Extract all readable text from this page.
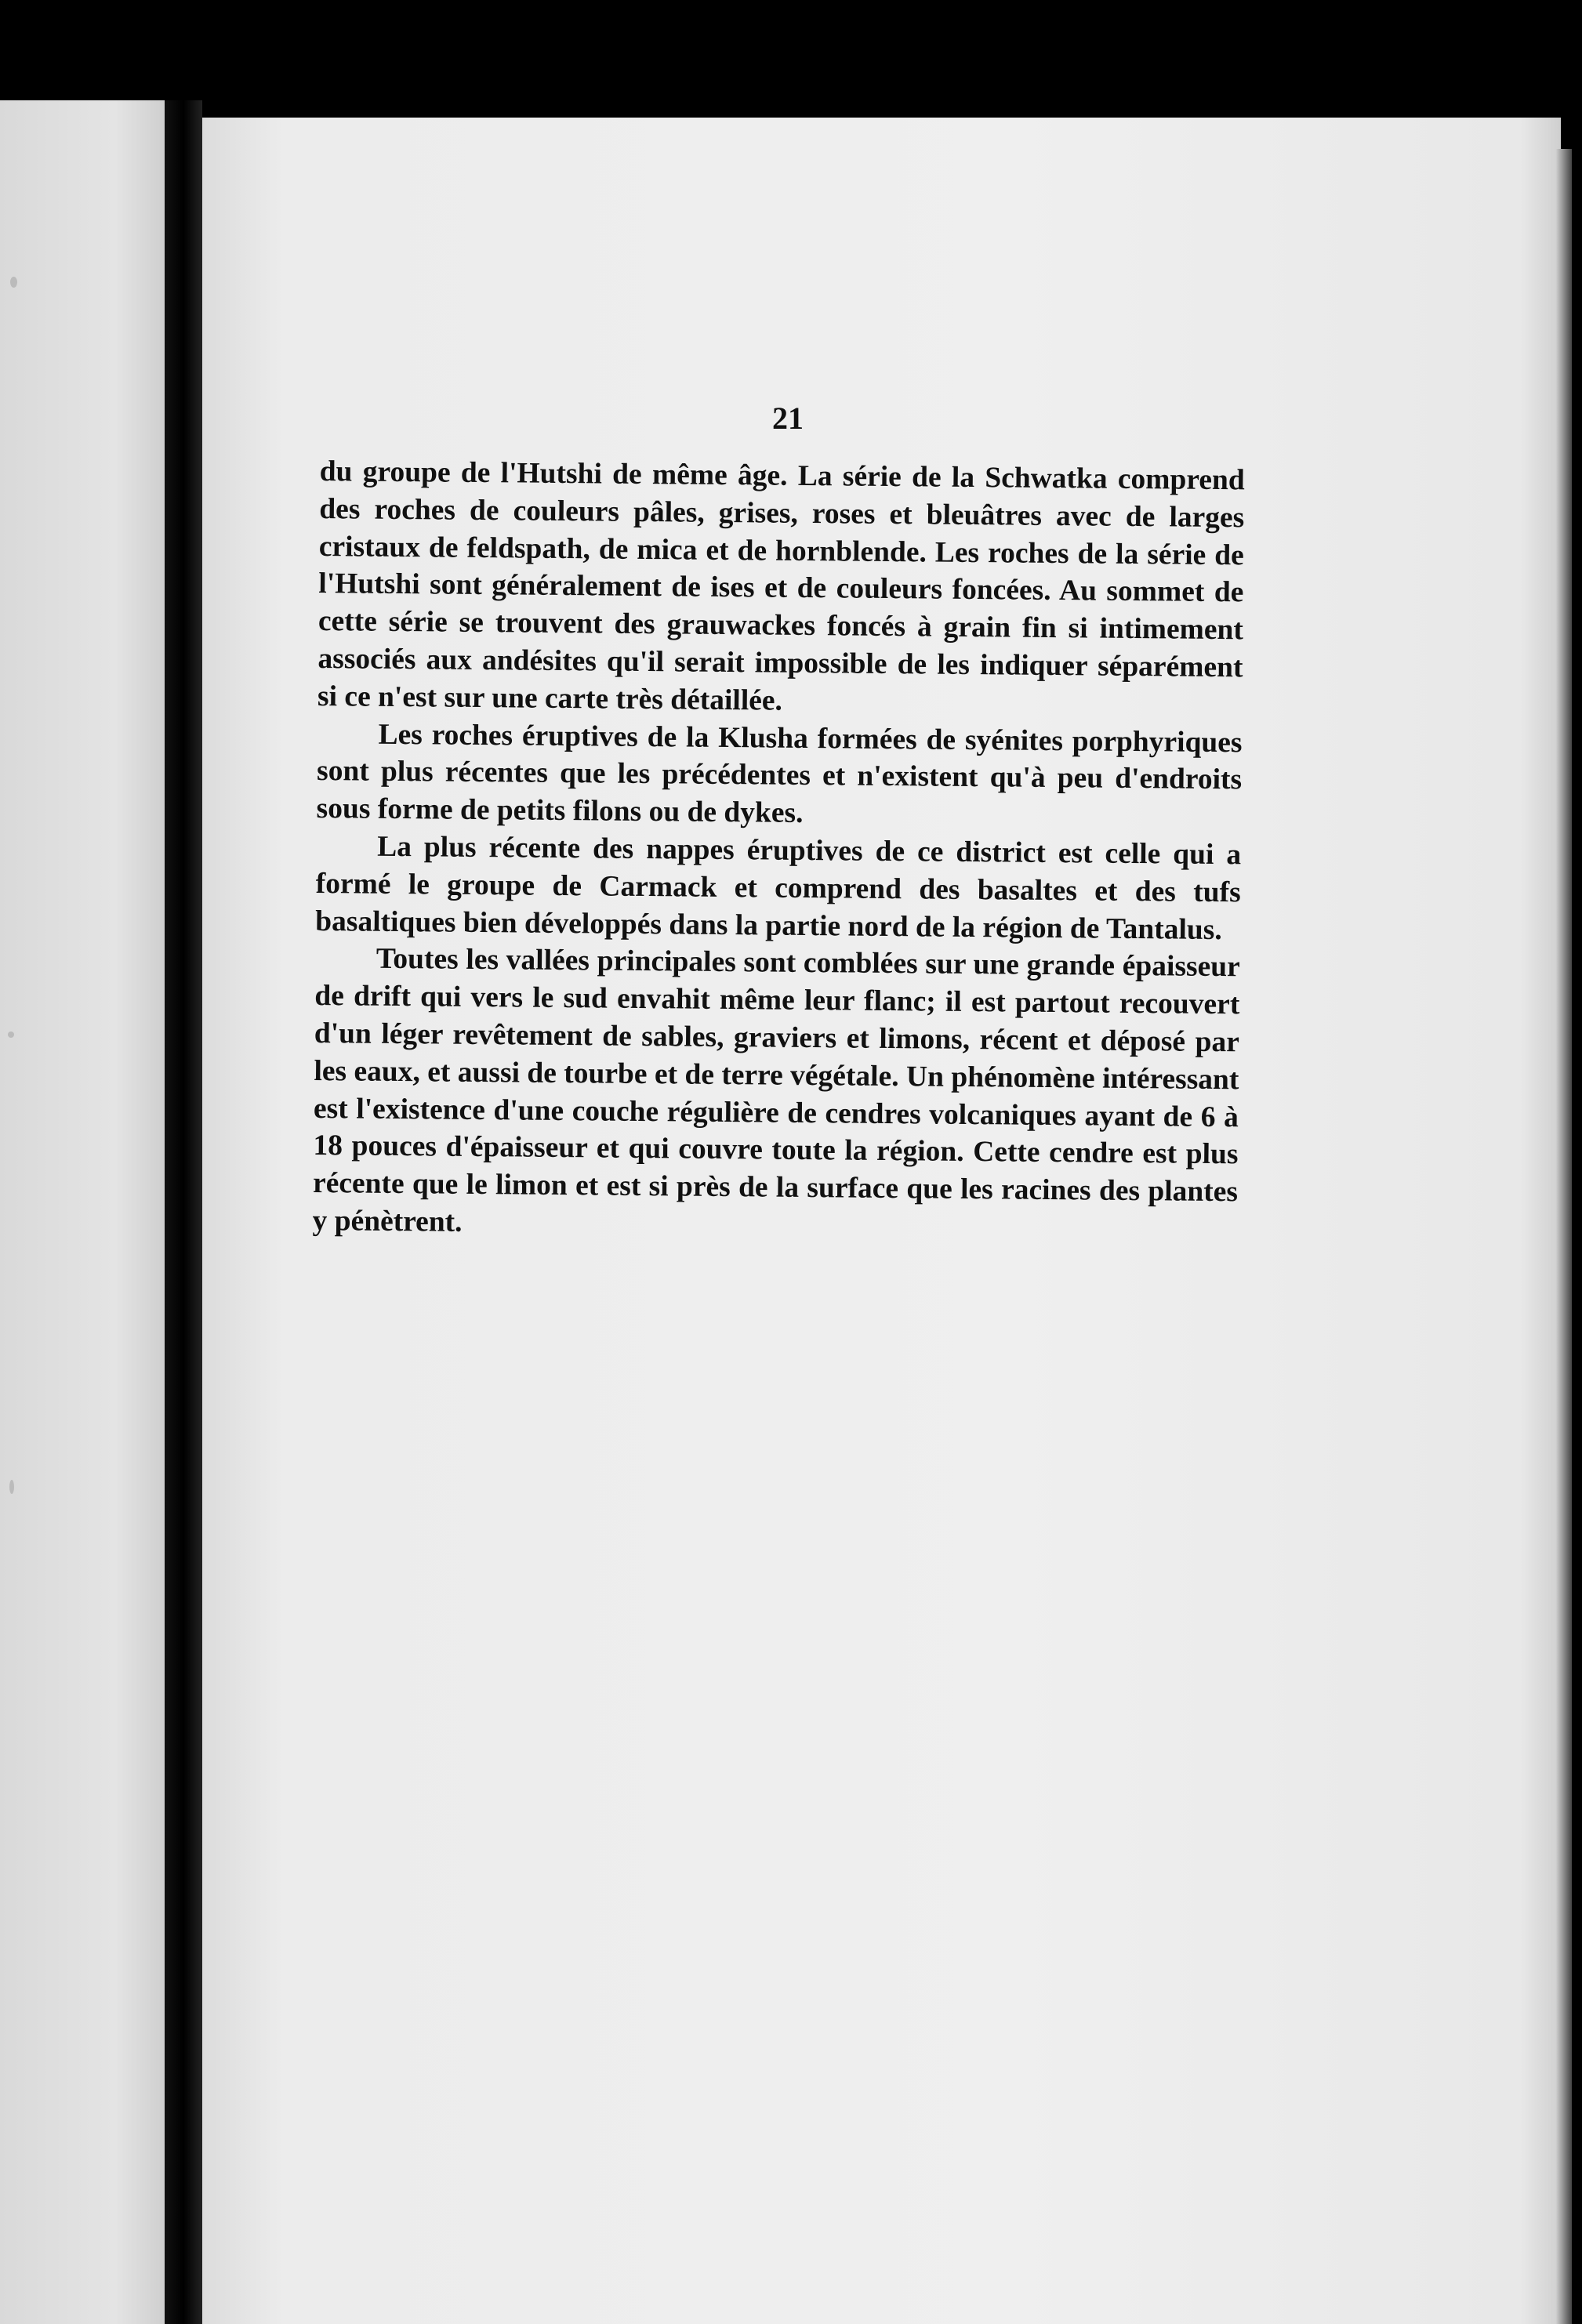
21

du groupe de l'Hutshi de même âge. La série de la Schwatka comprend des roches de couleurs pâles, grises, roses et bleuâtres avec de larges cristaux de feldspath, de mica et de hornblende. Les roches de la série de l'Hutshi sont généralement de ises et de couleurs foncées. Au sommet de cette série se trouvent des grauwackes foncés à grain fin si intimement associés aux andésites qu'il serait impossible de les indiquer séparément si ce n'est sur une carte très détaillée.

Les roches éruptives de la Klusha formées de syénites porphyriques sont plus récentes que les précédentes et n'existent qu'à peu d'endroits sous forme de petits filons ou de dykes.

La plus récente des nappes éruptives de ce district est celle qui a formé le groupe de Carmack et comprend des basaltes et des tufs basaltiques bien développés dans la partie nord de la région de Tantalus.

Toutes les vallées principales sont comblées sur une grande épaisseur de drift qui vers le sud envahit même leur flanc; il est partout recouvert d'un léger revêtement de sables, graviers et limons, récent et déposé par les eaux, et aussi de tourbe et de terre végétale. Un phénomène intéressant est l'existence d'une couche régulière de cendres volcaniques ayant de 6 à 18 pouces d'épaisseur et qui couvre toute la région. Cette cendre est plus récente que le limon et est si près de la surface que les racines des plantes y pénètrent.
